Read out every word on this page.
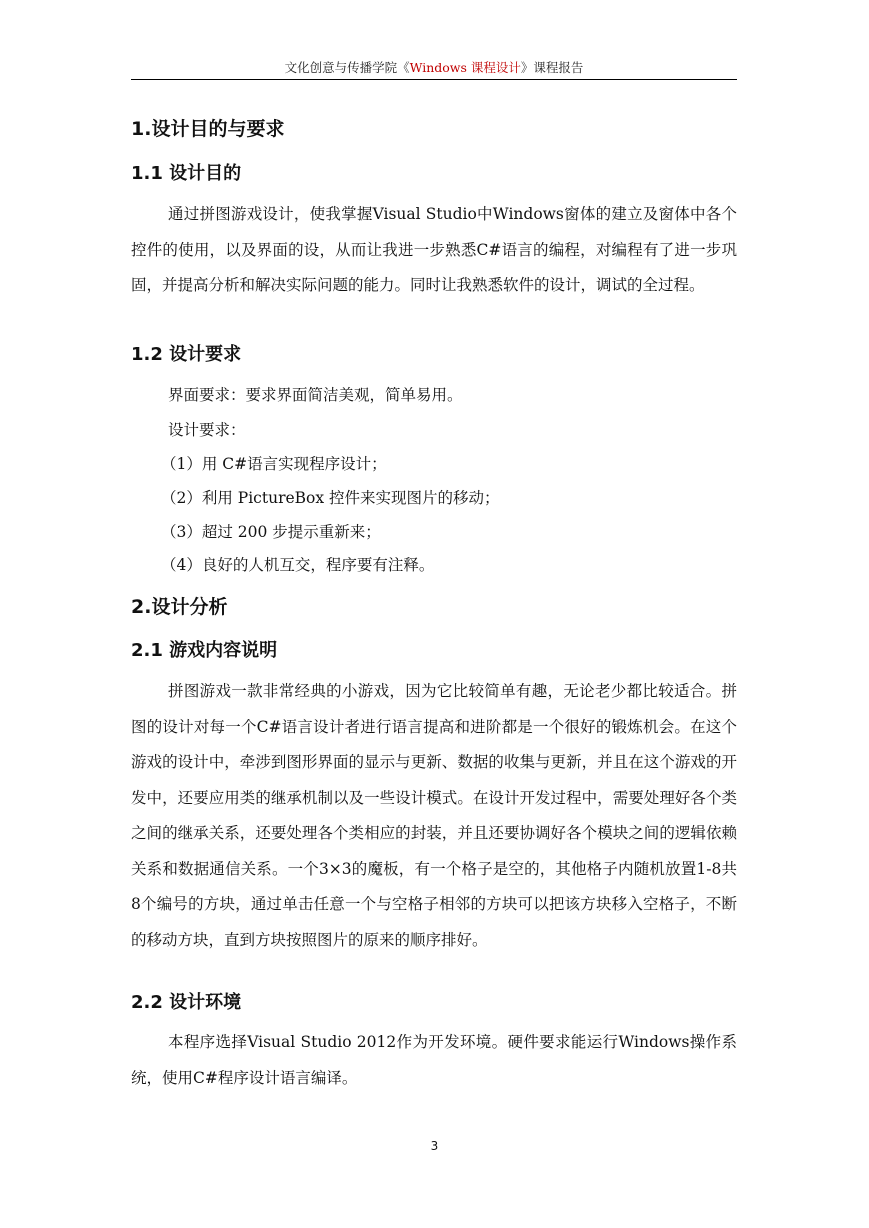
文化创意与传播学院《Windows 课程设计》课程报告
1.设计目的与要求
1.1 设计目的

通过拼图游戏设计，使我掌握Visual Studio中Windows窗体的建立及窗体中各个控件的使用，以及界面的设，从而让我进一步熟悉C#语言的编程，对编程有了进一步巩固，并提高分析和解决实际问题的能力。同时让我熟悉软件的设计，调试的全过程。

1.2 设计要求

界面要求：要求界面简洁美观，简单易用。

设计要求：

（1）用 C#语言实现程序设计；

（2）利用 PictureBox 控件来实现图片的移动；

（3）超过 200 步提示重新来；

（4）良好的人机互交，程序要有注释。

2.设计分析
2.1 游戏内容说明

拼图游戏一款非常经典的小游戏，因为它比较简单有趣，无论老少都比较适合。拼图的设计对每一个C#语言设计者进行语言提高和进阶都是一个很好的锻炼机会。在这个游戏的设计中，牵涉到图形界面的显示与更新、数据的收集与更新，并且在这个游戏的开发中，还要应用类的继承机制以及一些设计模式。在设计开发过程中，需要处理好各个类之间的继承关系，还要处理各个类相应的封装，并且还要协调好各个模块之间的逻辑依赖关系和数据通信关系。一个3×3的魔板，有一个格子是空的，其他格子内随机放置1-8共8个编号的方块，通过单击任意一个与空格子相邻的方块可以把该方块移入空格子，不断的移动方块，直到方块按照图片的原来的顺序排好。

2.2 设计环境

本程序选择Visual Studio 2012作为开发环境。硬件要求能运行Windows操作系统，使用C#程序设计语言编译。

3
